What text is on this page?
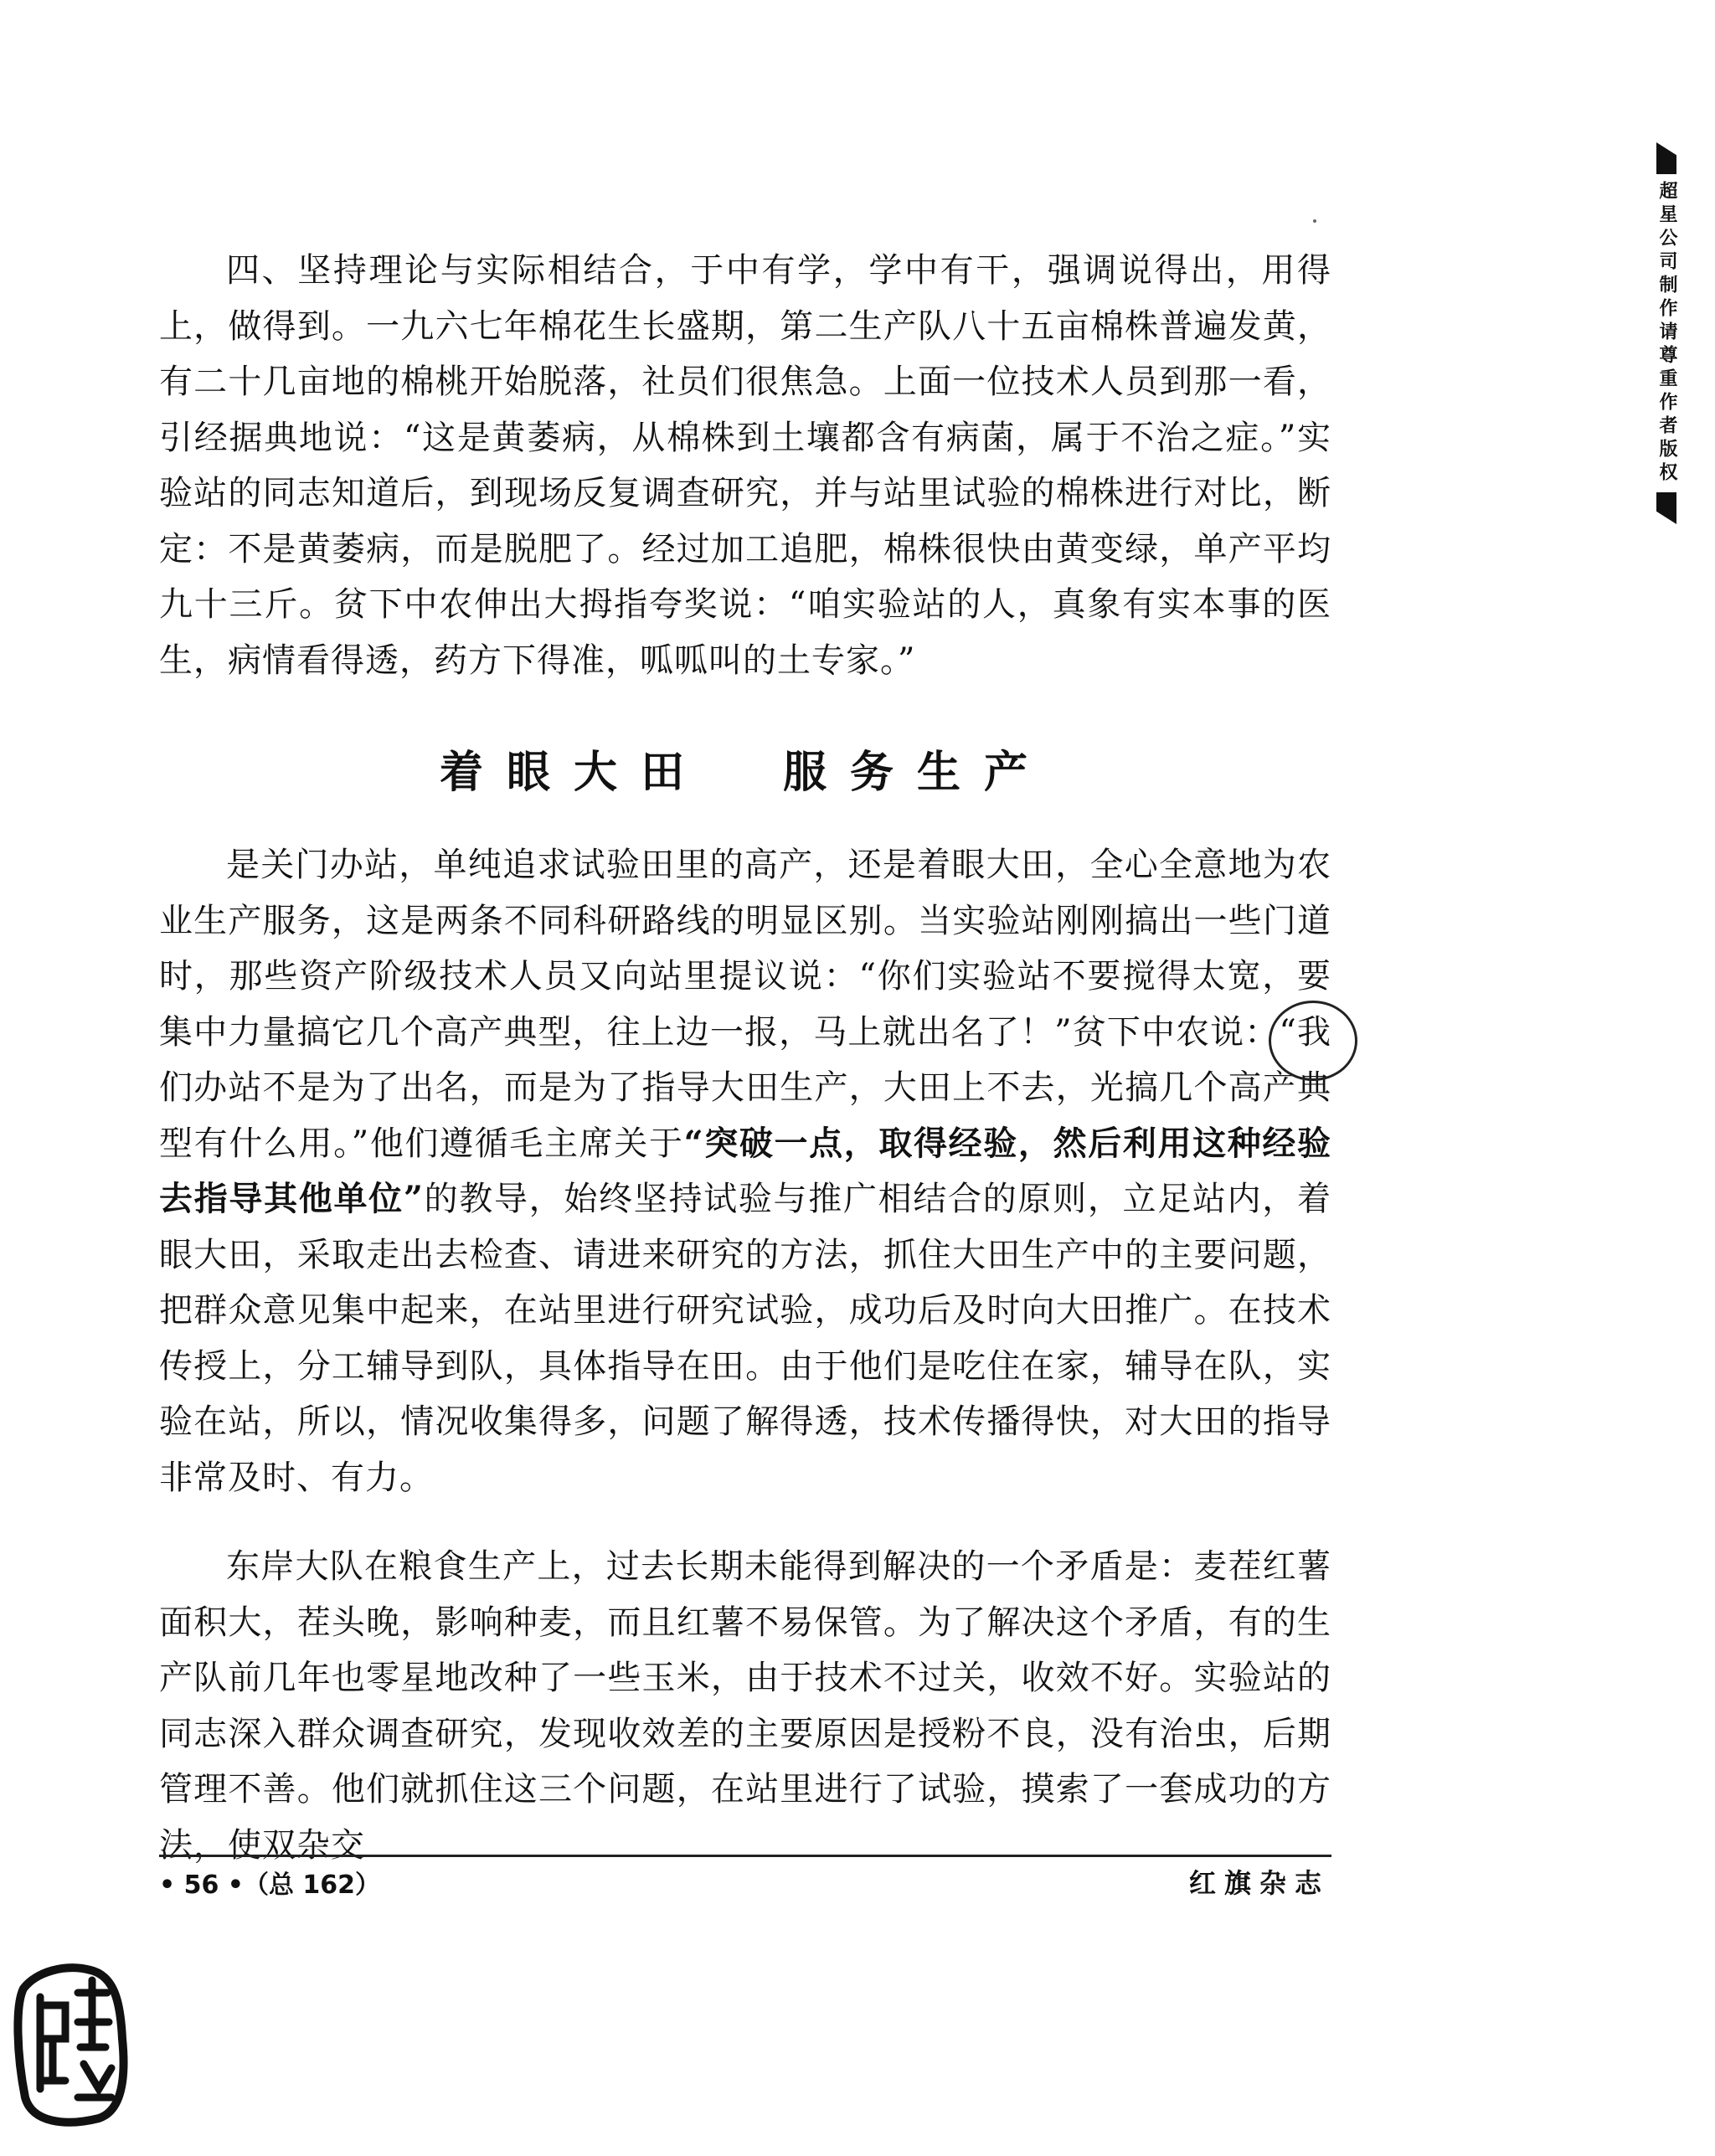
四、坚持理论与实际相结合，于中有学，学中有干，强调说得出，用得上，做得到。一九六七年棉花生长盛期，第二生产队八十五亩棉株普遍发黄，有二十几亩地的棉桃开始脱落，社员们很焦急。上面一位技术人员到那一看，引经据典地说：“这是黄萎病，从棉株到土壤都含有病菌，属于不治之症。”实验站的同志知道后，到现场反复调查研究，并与站里试验的棉株进行对比，断定：不是黄萎病，而是脱肥了。经过加工追肥，棉株很快由黄变绿，单产平均九十三斤。贫下中农伸出大拇指夸奖说：“咱实验站的人，真象有实本事的医生，病情看得透，药方下得准，呱呱叫的土专家。”

着眼大田 服务生产

是关门办站，单纯追求试验田里的高产，还是着眼大田，全心全意地为农业生产服务，这是两条不同科研路线的明显区别。当实验站刚刚搞出一些门道时，那些资产阶级技术人员又向站里提议说：“你们实验站不要搅得太宽，要集中力量搞它几个高产典型，往上边一报，马上就出名了！”贫下中农说：“我们办站不是为了出名，而是为了指导大田生产，大田上不去，光搞几个高产典型有什么用。”他们遵循毛主席关于“突破一点，取得经验，然后利用这种经验去指导其他单位”的教导，始终坚持试验与推广相结合的原则，立足站内，着眼大田，采取走出去检查、请进来研究的方法，抓住大田生产中的主要问题，把群众意见集中起来，在站里进行研究试验，成功后及时向大田推广。在技术传授上，分工辅导到队，具体指导在田。由于他们是吃住在家，辅导在队，实验在站，所以，情况收集得多，问题了解得透，技术传播得快，对大田的指导非常及时、有力。

东岸大队在粮食生产上，过去长期未能得到解决的一个矛盾是：麦茬红薯面积大，茬头晚，影响种麦，而且红薯不易保管。为了解决这个矛盾，有的生产队前几年也零星地改种了一些玉米，由于技术不过关，收效不好。实验站的同志深入群众调查研究，发现收效差的主要原因是授粉不良，没有治虫，后期管理不善。他们就抓住这三个问题，在站里进行了试验，摸索了一套成功的方法，使双杂交

• 56 •（总 162）	红旗杂志
超星公司制作请尊重作者版权
